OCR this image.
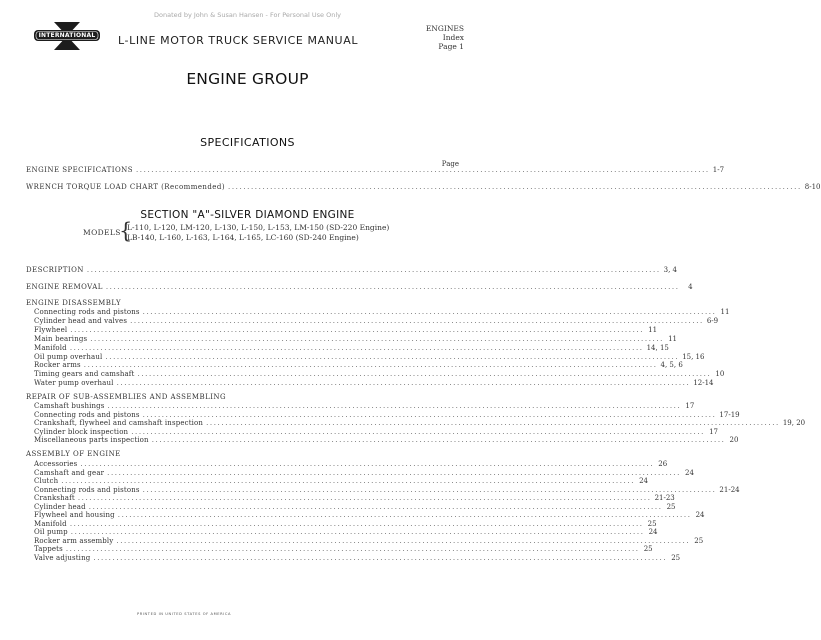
Donated by John & Susan Hansen - For Personal Use Only
INTERNATIONAL	L-LINE MOTOR TRUCK SERVICE MANUAL
ENGINES
Index
Page 1
ENGINE GROUP
SPECIFICATIONS
Page
ENGINE SPECIFICATIONS ...................................................................................................................................................... 1-7
WRENCH TORQUE LOAD CHART (Recommended) ...................................................................................................................................................... 8-10
SECTION "A"-SILVER DIAMOND ENGINE
MODELS
{
L-110, L-120, LM-120, L-130, L-150, L-153, LM-150 (SD-220 Engine)
LB-140, L-160, L-163, L-164, L-165, LC-160 (SD-240 Engine)
DESCRIPTION ...................................................................................................................................................... 3, 4
ENGINE REMOVAL ......................................................................................................................................................	4
ENGINE DISASSEMBLY
Connecting rods and pistons ...................................................................................................................................................... 11
Cylinder head and valves ...................................................................................................................................................... 6-9
Flywheel ...................................................................................................................................................... 11
Main bearings ...................................................................................................................................................... 11
Manifold ...................................................................................................................................................... 14, 15
Oil pump overhaul ...................................................................................................................................................... 15, 16
Rocker arms ...................................................................................................................................................... 4, 5, 6
Timing gears and camshaft ...................................................................................................................................................... 10
Water pump overhaul ...................................................................................................................................................... 12-14
REPAIR OF SUB-ASSEMBLIES AND ASSEMBLING
Camshaft bushings ...................................................................................................................................................... 17
Connecting rods and pistons ...................................................................................................................................................... 17-19
Crankshaft, flywheel and camshaft inspection ...................................................................................................................................................... 19, 20
Cylinder block inspection ...................................................................................................................................................... 17
Miscellaneous parts inspection ...................................................................................................................................................... 20
ASSEMBLY OF ENGINE
Accessories ...................................................................................................................................................... 26
Camshaft and gear ...................................................................................................................................................... 24
Clutch ...................................................................................................................................................... 24
Connecting rods and pistons ...................................................................................................................................................... 21-24
Crankshaft ...................................................................................................................................................... 21-23
Cylinder head ...................................................................................................................................................... 25
Flywheel and housing ...................................................................................................................................................... 24
Manifold ...................................................................................................................................................... 25
Oil pump ...................................................................................................................................................... 24
Rocker arm assembly ...................................................................................................................................................... 25
Tappets ...................................................................................................................................................... 25
Valve adjusting ...................................................................................................................................................... 25
PRINTED IN UNITED STATES OF AMERICA
